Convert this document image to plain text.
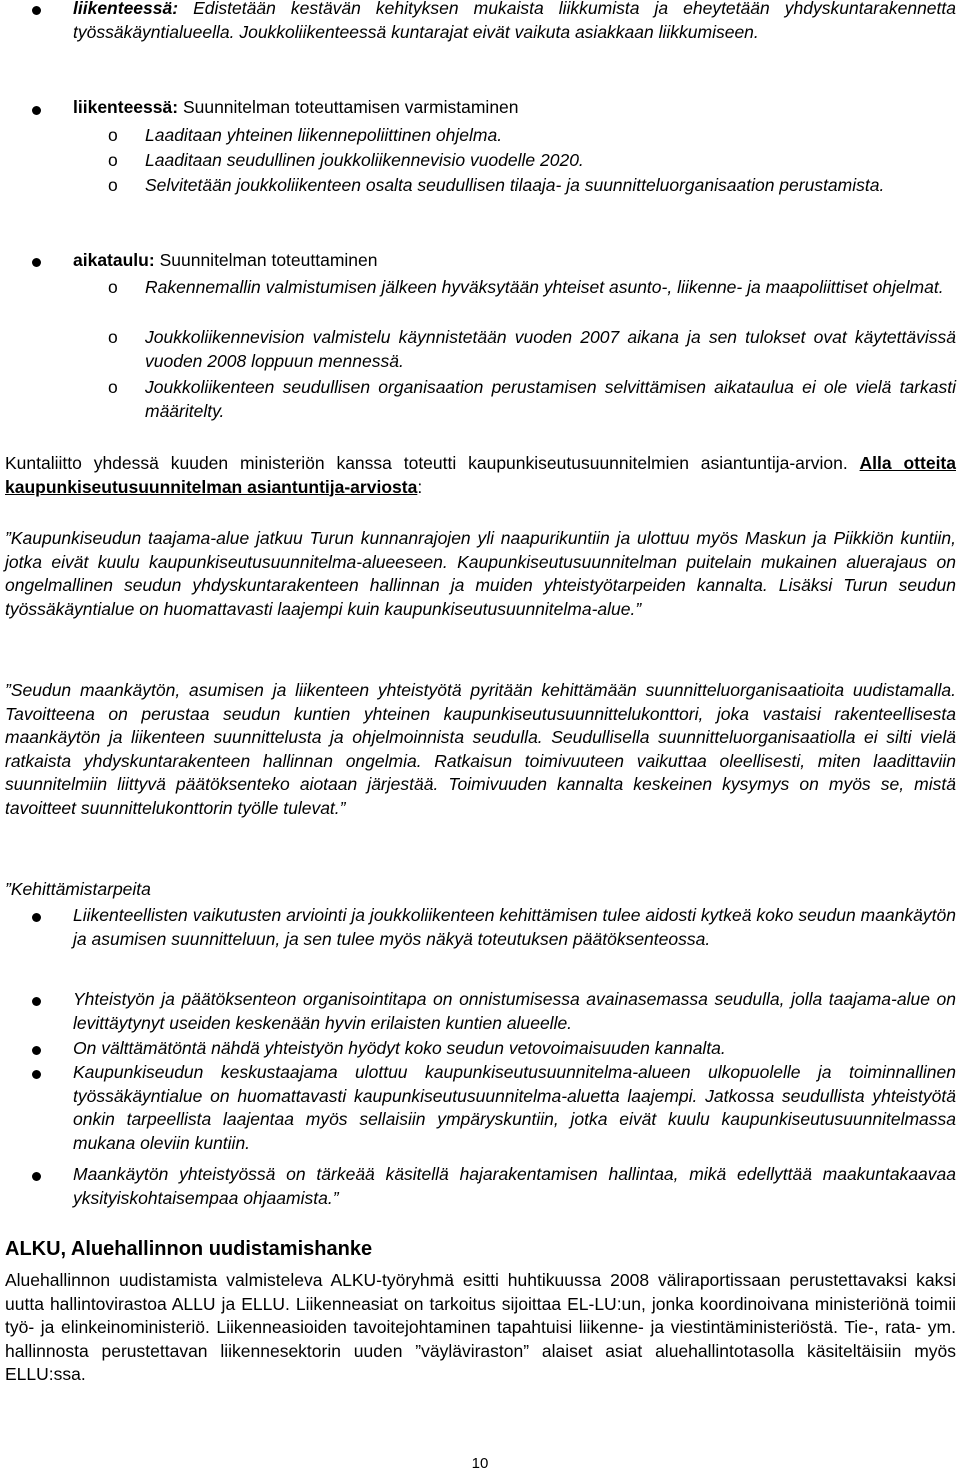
liikenteessä: Edistetään kestävän kehityksen mukaista liikkumista ja eheytetään yhdyskuntarakennetta työssäkäyntialueella. Joukkoliikenteessä kuntarajat eivät vaikuta asiakkaan liikkumiseen.
liikenteessä: Suunnitelman toteuttamisen varmistaminen
o Laaditaan yhteinen liikennepoliittinen ohjelma.
o Laaditaan seudullinen joukkoliikennevisio vuodelle 2020.
o Selvitetään joukkoliikenteen osalta seudullisen tilaaja- ja suunnitteluorganisaation perustamista.
aikataulu: Suunnitelman toteuttaminen
o Rakennemallin valmistumisen jälkeen hyväksytään yhteiset asunto-, liikenne- ja maapoliittiset ohjelmat.
o Joukkoliikennevision valmistelu käynnistetään vuoden 2007 aikana ja sen tulokset ovat käytettävissä vuoden 2008 loppuun mennessä.
o Joukkoliikenteen seudullisen organisaation perustamisen selvittämisen aikataulua ei ole vielä tarkasti määritelty.
Kuntaliitto yhdessä kuuden ministeriön kanssa toteutti kaupunkiseutusuunnitelmien asiantuntija-arvion. Alla otteita kaupunkiseutusuunnitelman asiantuntija-arviosta:
”Kaupunkiseudun taajama-alue jatkuu Turun kunnanrajojen yli naapurikuntiin ja ulottuu myös Maskun ja Piikkiön kuntiin, jotka eivät kuulu kaupunkiseutusuunnitelma-alueeseen. Kaupunkiseutusuunnitelman puitelain mukainen aluerajaus on ongelmallinen seudun yhdyskuntarakenteen hallinnan ja muiden yhteistyötarpeiden kannalta. Lisäksi Turun seudun työssäkäyntialue on huomattavasti laajempi kuin kaupunkiseutusuunnitelma-alue.”
”Seudun maankäytön, asumisen ja liikenteen yhteistyötä pyritään kehittämään suunnitteluorganisaatioita uudistamalla. Tavoitteena on perustaa seudun kuntien yhteinen kaupunkiseutusuunnittelukonttori, joka vastaisi rakenteellisesta maankäytön ja liikenteen suunnittelusta ja ohjelmoinnista seudulla. Seudullisella suunnitteluorganisaatiolla ei silti vielä ratkaista yhdyskuntarakenteen hallinnan ongelmia. Ratkaisun toimivuuteen vaikuttaa oleellisesti, miten laadittaviin suunnitelmiin liittyvä päätöksenteko aiotaan järjestää. Toimivuuden kannalta keskeinen kysymys on myös se, mistä tavoitteet suunnittelukonttorin työlle tulevat.”
”Kehittämistarpeita
Liikenteellisten vaikutusten arviointi ja joukkoliikenteen kehittämisen tulee aidosti kytkeä koko seudun maankäytön ja asumisen suunnitteluun, ja sen tulee myös näkyä toteutuksen päätöksenteossa.
Yhteistyön ja päätöksenteon organisointitapa on onnistumisessa avainasemassa seudulla, jolla taajama-alue on levittäytynyt useiden keskenään hyvin erilaisten kuntien alueelle.
On välttämätöntä nähdä yhteistyön hyödyt koko seudun vetovoimaisuuden kannalta.
Kaupunkiseudun keskustaajama ulottuu kaupunkiseutusuunnitelma-alueen ulkopuolelle ja toiminnallinen työssäkäyntialue on huomattavasti kaupunkiseutusuunnitelma-aluetta laajempi. Jatkossa seudullista yhteistyötä onkin tarpeellista laajentaa myös sellaisiin ympäryskuntiin, jotka eivät kuulu kaupunkiseutusuunnitelmassa mukana oleviin kuntiin.
Maankäytön yhteistyössä on tärkeää käsitellä hajarakentamisen hallintaa, mikä edellyttää maakuntakaavaa yksityiskohtaisempaa ohjaamista.”
ALKU, Aluehallinnon uudistamishanke
Aluehallinnon uudistamista valmisteleva ALKU-työryhmä esitti huhtikuussa 2008 väliraportissaan perustettavaksi kaksi uutta hallintovirastoa ALLU ja ELLU. Liikenneasiat on tarkoitus sijoittaa EL-LU:un, jonka koordinoivana ministeriönä toimii työ- ja elinkeinoministeriö. Liikenneasioiden tavoitejohtaminen tapahtuisi liikenne- ja viestintäministeriöstä. Tie-, rata- ym. hallinnosta perustettavan liikennesektorin uuden ”väyläviraston” alaiset asiat aluehallintotasolla käsiteltäisiin myös ELLU:ssa.
10
